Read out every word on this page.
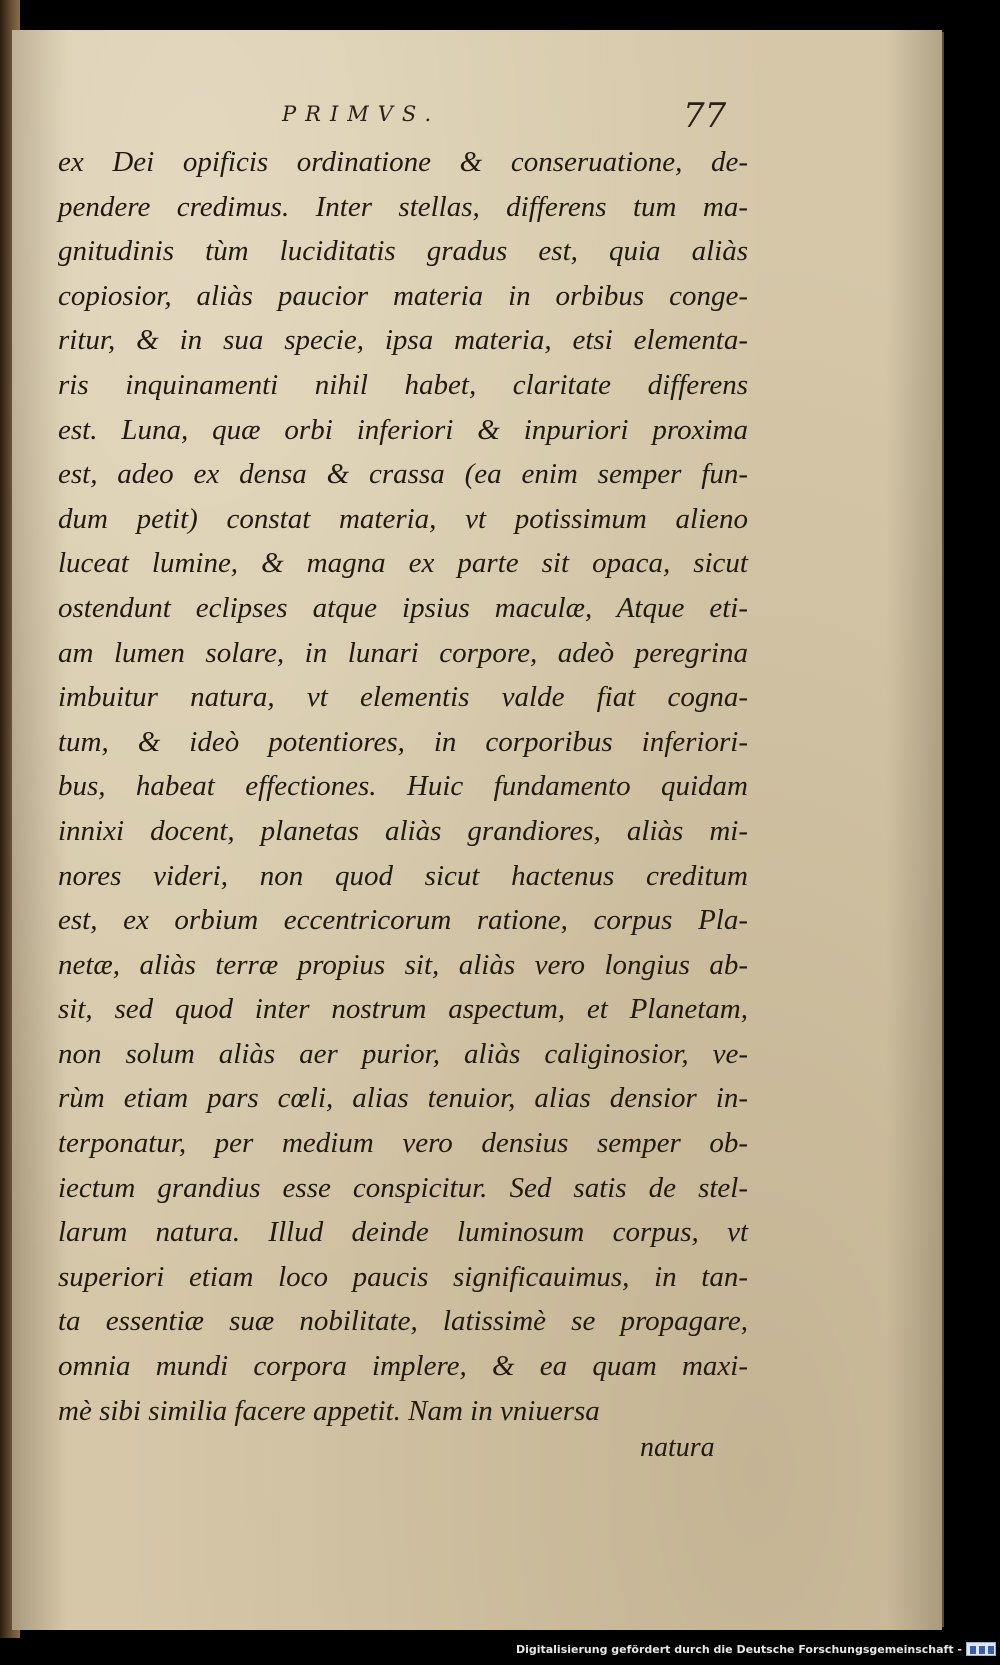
PRIMVS.	77
ex Dei opificis ordinatione & conseruatione, de-
pendere credimus. Inter stellas, differens tum ma-
gnitudinis tùm luciditatis gradus est, quia aliàs
copiosior, aliàs paucior materia in orbibus conge-
ritur, & in sua specie, ipsa materia, etsi elementa-
ris inquinamenti nihil habet, claritate differens
est. Luna, quæ orbi inferiori & inpuriori proxima
est, adeo ex densa & crassa (ea enim semper fun-
dum petit) constat materia, vt potissimum alieno
luceat lumine, & magna ex parte sit opaca, sicut
ostendunt eclipses atque ipsius maculæ, Atque eti-
am lumen solare, in lunari corpore, adeò peregrina
imbuitur natura, vt elementis valde fiat cogna-
tum, & ideò potentiores, in corporibus inferiori-
bus, habeat effectiones. Huic fundamento quidam
innixi docent, planetas aliàs grandiores, aliàs mi-
nores videri, non quod sicut hactenus creditum
est, ex orbium eccentricorum ratione, corpus Pla-
netæ, aliàs terræ propius sit, aliàs vero longius ab-
sit, sed quod inter nostrum aspectum, et Planetam,
non solum aliàs aer purior, aliàs caliginosior, ve-
rùm etiam pars cœli, alias tenuior, alias densior in-
terponatur, per medium vero densius semper ob-
iectum grandius esse conspicitur. Sed satis de stel-
larum natura. Illud deinde luminosum corpus, vt
superiori etiam loco paucis significauimus, in tan-
ta essentiæ suæ nobilitate, latissimè se propagare,
omnia mundi corpora implere, & ea quam maxi-
mè sibi similia facere appetit. Nam in vniuersa
natura
Digitalisierung gefördert durch die Deutsche Forschungsgemeinschaft -
